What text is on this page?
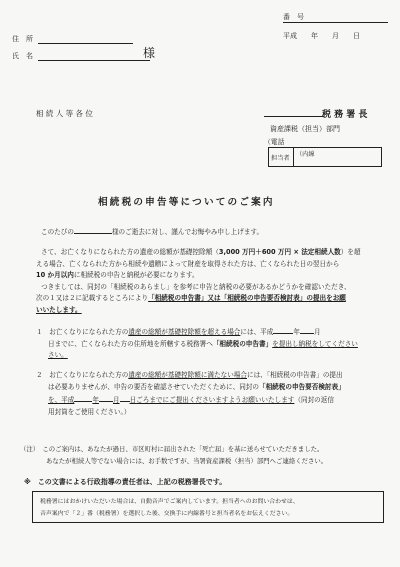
番　号
平成　　年　　月　　日
住　所
氏　名	様
相 続 人 等 各 位	税 務 署 長
資産課税（担当）部門
（電話
担当者
（内線
相続税の申告等についてのご案内

このたびの	様のご逝去に対し、謹んでお悔やみ申し上げます。

さて、お亡くなりになられた方の遺産の総額が基礎控除額（3,000 万円＋600 万円 × 法定相続人数）を超

える場合、亡くなられた方から相続や遺贈によって財産を取得された方は、亡くなられた日の翌日から

10 か月以内に相続税の申告と納税が必要になります。

つきましては、同封の「相続税のあらまし」を参考に申告と納税の必要があるかどうかを確認いただき、

次の１又は２に記載するところにより「相続税の申告書」又は「相続税の申告要否検討表」の提出をお願

いいたします。

１　 お亡くなりになられた方の遺産の総額が基礎控除額を超える場合には、平成	年 月

日までに、亡くなられた方の住所地を所轄する税務署へ「相続税の申告書」を提出し納税をしてください

さい。

２　 お亡くなりになられた方の遺産の総額が基礎控除額に満たない場合には、「相続税の申告書」の提出

は必要ありませんが、申告の要否を確認させていただくために、同封の「相続税の申告要否検討表」

を、平成	年 月 日ごろまでにご提出くださいますようお願いいたします（同封の返信

用封筒をご使用ください。）

（注）　 このご案内は、あなたが過日、市区町村に届出された「死亡届」を基に送らせていただきました。

あなたが相続人等でない場合には、お手数ですが、当署資産課税（担当）部門へご連絡ください。

※　 この文書による行政指導の責任者は、上記の税務署長です。
税務署にはおかけいただいた場合は、自動音声でご案内しています。担当者へのお問い合わせは、
音声案内で「２」番（税務署）を選択した後、交換手に内線番号と担当者名をお伝えください。
